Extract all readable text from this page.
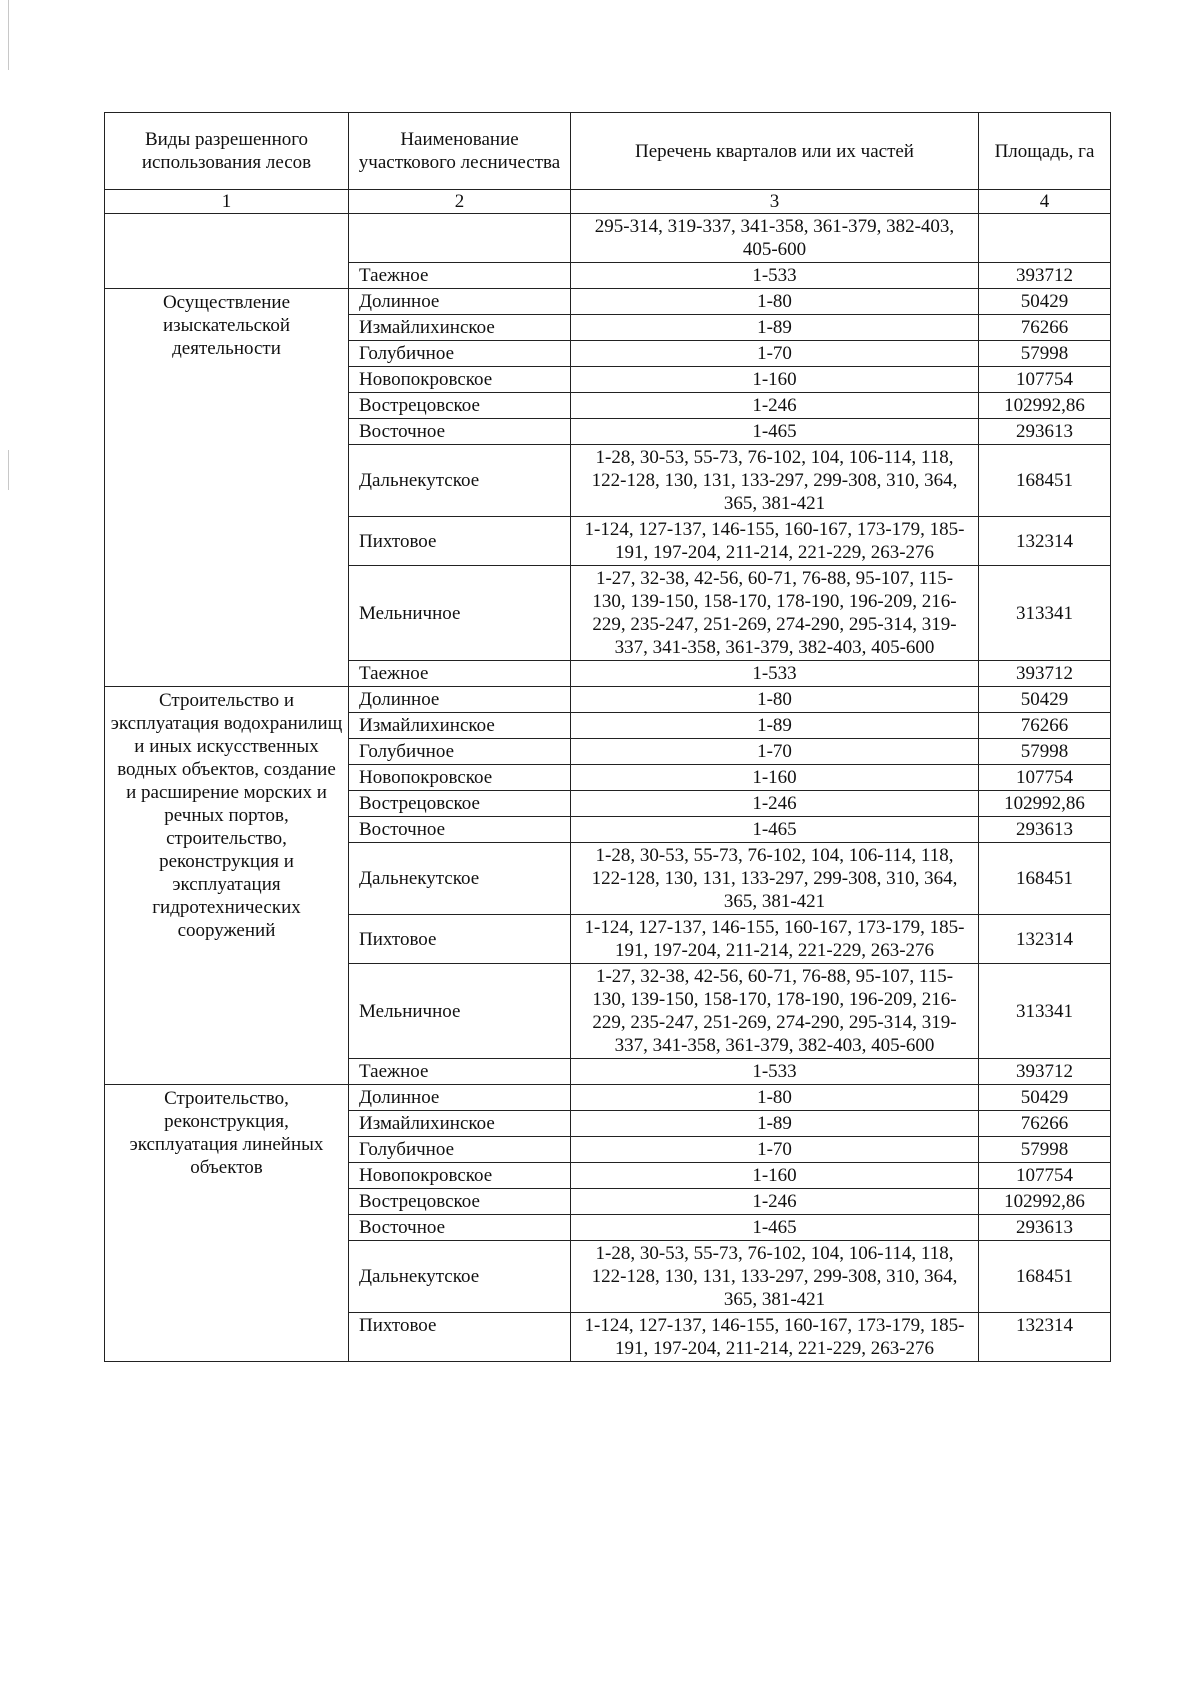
Виды разрешенного использования лесов	Наименование участкового лесничества	Перечень кварталов или их частей	Площадь, га
1	2	3	4
		295-314, 319-337, 341-358, 361-379, 382-403, 405-600	
	Таежное	1-533	393712
Осуществление изыскательской деятельности	Долинное	1-80	50429
	Измайлихинское	1-89	76266
	Голубичное	1-70	57998
	Новопокровское	1-160	107754
	Вострецовское	1-246	102992,86
	Восточное	1-465	293613
	Дальнекутское	1-28, 30-53, 55-73, 76-102, 104, 106-114, 118, 122-128, 130, 131, 133-297, 299-308, 310, 364, 365, 381-421	168451
	Пихтовое	1-124, 127-137, 146-155, 160-167, 173-179, 185-191, 197-204, 211-214, 221-229, 263-276	132314
	Мельничное	1-27, 32-38, 42-56, 60-71, 76-88, 95-107, 115-130, 139-150, 158-170, 178-190, 196-209, 216-229, 235-247, 251-269, 274-290, 295-314, 319-337, 341-358, 361-379, 382-403, 405-600	313341
	Таежное	1-533	393712
Строительство и эксплуатация водохранилищ и иных искусственных водных объектов, создание и расширение морских и речных портов, строительство, реконструкция и эксплуатация гидротехнических сооружений	Долинное	1-80	50429
	Измайлихинское	1-89	76266
	Голубичное	1-70	57998
	Новопокровское	1-160	107754
	Вострецовское	1-246	102992,86
	Восточное	1-465	293613
	Дальнекутское	1-28, 30-53, 55-73, 76-102, 104, 106-114, 118, 122-128, 130, 131, 133-297, 299-308, 310, 364, 365, 381-421	168451
	Пихтовое	1-124, 127-137, 146-155, 160-167, 173-179, 185-191, 197-204, 211-214, 221-229, 263-276	132314
	Мельничное	1-27, 32-38, 42-56, 60-71, 76-88, 95-107, 115-130, 139-150, 158-170, 178-190, 196-209, 216-229, 235-247, 251-269, 274-290, 295-314, 319-337, 341-358, 361-379, 382-403, 405-600	313341
	Таежное	1-533	393712
Строительство, реконструкция, эксплуатация линейных объектов	Долинное	1-80	50429
	Измайлихинское	1-89	76266
	Голубичное	1-70	57998
	Новопокровское	1-160	107754
	Вострецовское	1-246	102992,86
	Восточное	1-465	293613
	Дальнекутское	1-28, 30-53, 55-73, 76-102, 104, 106-114, 118, 122-128, 130, 131, 133-297, 299-308, 310, 364, 365, 381-421	168451
	Пихтовое	1-124, 127-137, 146-155, 160-167, 173-179, 185-191, 197-204, 211-214, 221-229, 263-276	132314
